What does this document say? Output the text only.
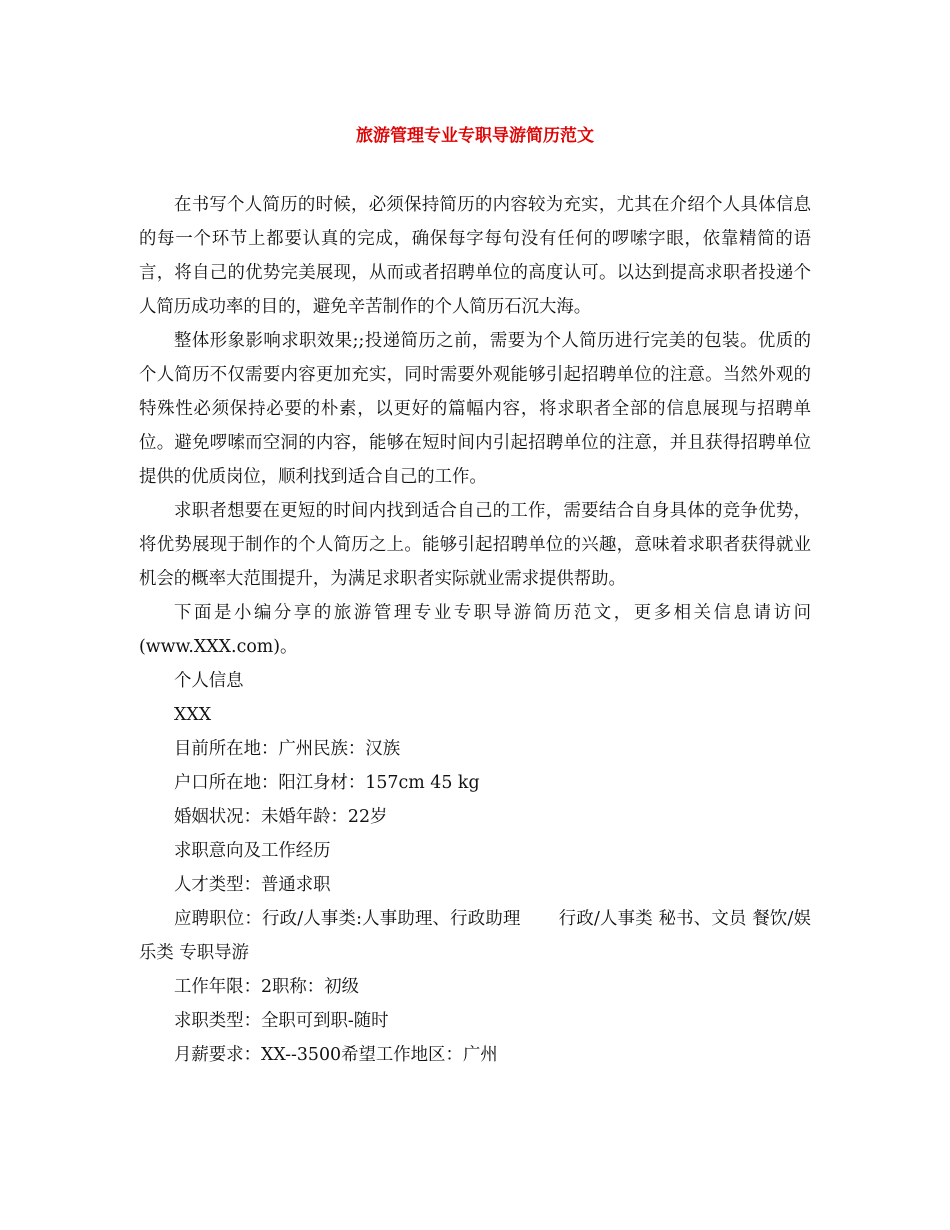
旅游管理专业专职导游简历范文

在书写个人简历的时候，必须保持简历的内容较为充实，尤其在介绍个人具体信息的每一个环节上都要认真的完成，确保每字每句没有任何的啰嗦字眼，依靠精简的语言，将自己的优势完美展现，从而或者招聘单位的高度认可。以达到提高求职者投递个人简历成功率的目的，避免辛苦制作的个人简历石沉大海。

整体形象影响求职效果;;投递简历之前，需要为个人简历进行完美的包装。优质的个人简历不仅需要内容更加充实，同时需要外观能够引起招聘单位的注意。当然外观的特殊性必须保持必要的朴素，以更好的篇幅内容，将求职者全部的信息展现与招聘单位。避免啰嗦而空洞的内容，能够在短时间内引起招聘单位的注意，并且获得招聘单位提供的优质岗位，顺利找到适合自己的工作。

求职者想要在更短的时间内找到适合自己的工作，需要结合自身具体的竞争优势，将优势展现于制作的个人简历之上。能够引起招聘单位的兴趣，意味着求职者获得就业机会的概率大范围提升，为满足求职者实际就业需求提供帮助。

下面是小编分享的旅游管理专业专职导游简历范文，更多相关信息请访问(www.XXX.com)。

个人信息

XXX

目前所在地：广州民族：汉族

户口所在地：阳江身材：157cm 45 kg

婚姻状况：未婚年龄：22岁

求职意向及工作经历

人才类型：普通求职

应聘职位：行政/人事类:人事助理、行政助理 行政/人事类 秘书、文员 餐饮/娱乐类 专职导游

工作年限：2职称：初级

求职类型：全职可到职-随时

月薪要求：XX--3500希望工作地区：广州
